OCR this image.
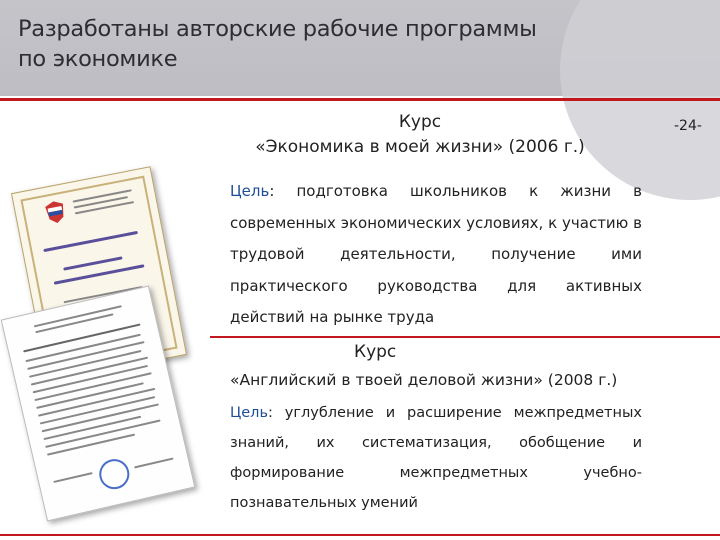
Разработаны авторские рабочие программы
по экономике
-24-
Курс
«Экономика в моей жизни» (2006 г.)
Цель: подготовка школьников к жизни в современных экономических условиях, к участию в трудовой деятельности, получение ими практического руководства для активных действий на рынке труда
Курс
«Английский в твоей деловой жизни» (2008 г.)
Цель: углубление и расширение межпредметных знаний, их систематизация, обобщение и формирование межпредметных учебно-познавательных умений
